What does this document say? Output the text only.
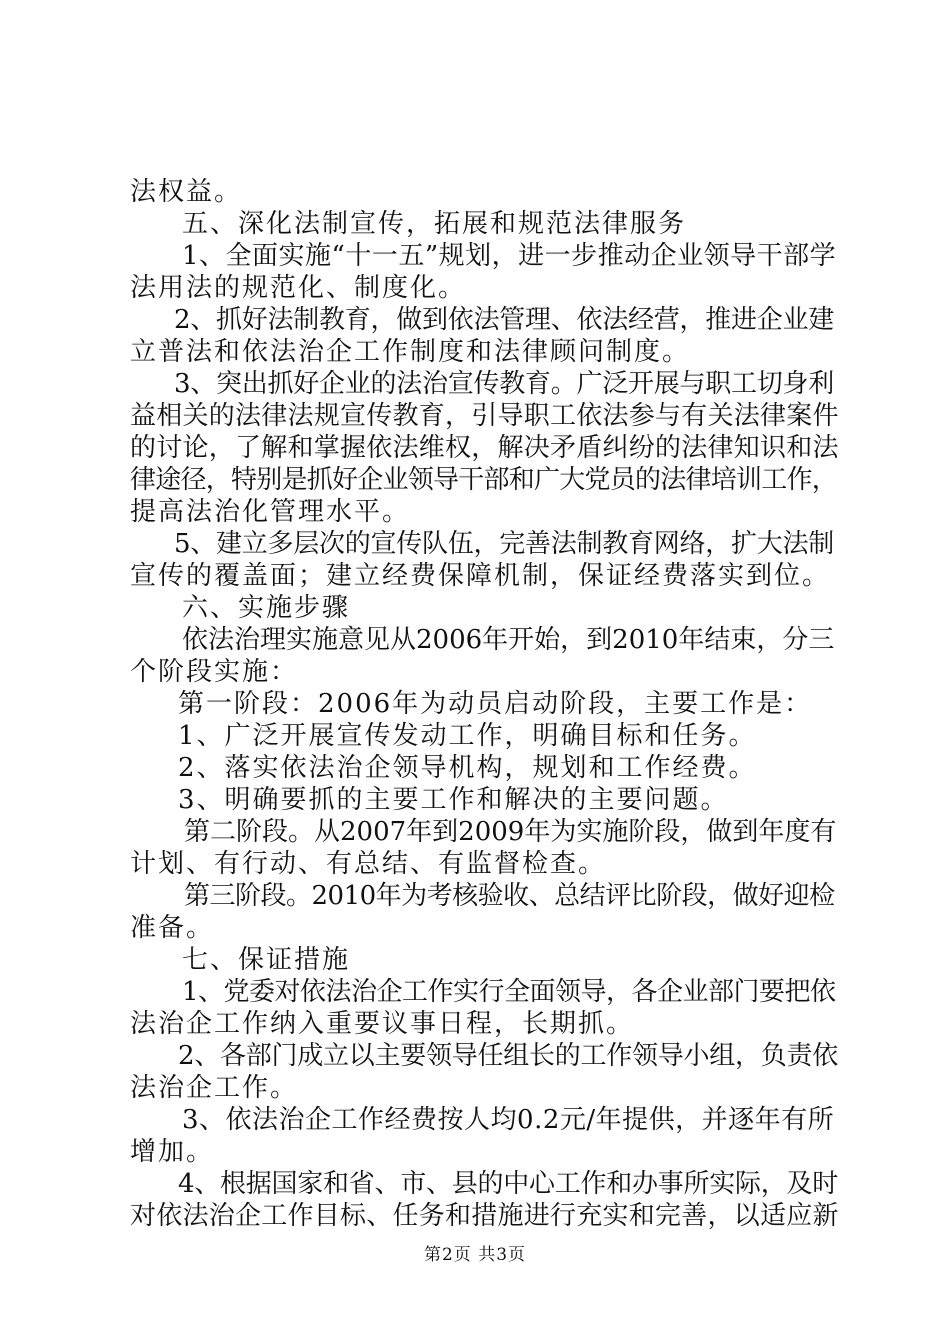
法权益。
五、深化法制宣传，拓展和规范法律服务
1、全面实施“十一五”规划，进一步推动企业领导干部学
法用法的规范化、制度化。
2、抓好法制教育，做到依法管理、依法经营，推进企业建
立普法和依法治企工作制度和法律顾问制度。
3、突出抓好企业的法治宣传教育。广泛开展与职工切身利
益相关的法律法规宣传教育，引导职工依法参与有关法律案件
的讨论，了解和掌握依法维权，解决矛盾纠纷的法律知识和法
律途径，特别是抓好企业领导干部和广大党员的法律培训工作，
提高法治化管理水平。
5、建立多层次的宣传队伍，完善法制教育网络，扩大法制
宣传的覆盖面；建立经费保障机制，保证经费落实到位。
六、实施步骤
依法治理实施意见从2006年开始，到2010年结束，分三
个阶段实施：
第一阶段：2006年为动员启动阶段，主要工作是：
1、广泛开展宣传发动工作，明确目标和任务。
2、落实依法治企领导机构，规划和工作经费。
3、明确要抓的主要工作和解决的主要问题。
第二阶段。从2007年到2009年为实施阶段，做到年度有
计划、有行动、有总结、有监督检查。
第三阶段。2010年为考核验收、总结评比阶段，做好迎检
准备。
七、保证措施
1、党委对依法治企工作实行全面领导，各企业部门要把依
法治企工作纳入重要议事日程，长期抓。
2、各部门成立以主要领导任组长的工作领导小组，负责依
法治企工作。
3、依法治企工作经费按人均0.2元/年提供，并逐年有所
增加。
4、根据国家和省、市、县的中心工作和办事所实际，及时
对依法治企工作目标、任务和措施进行充实和完善，以适应新
第2页 共3页
